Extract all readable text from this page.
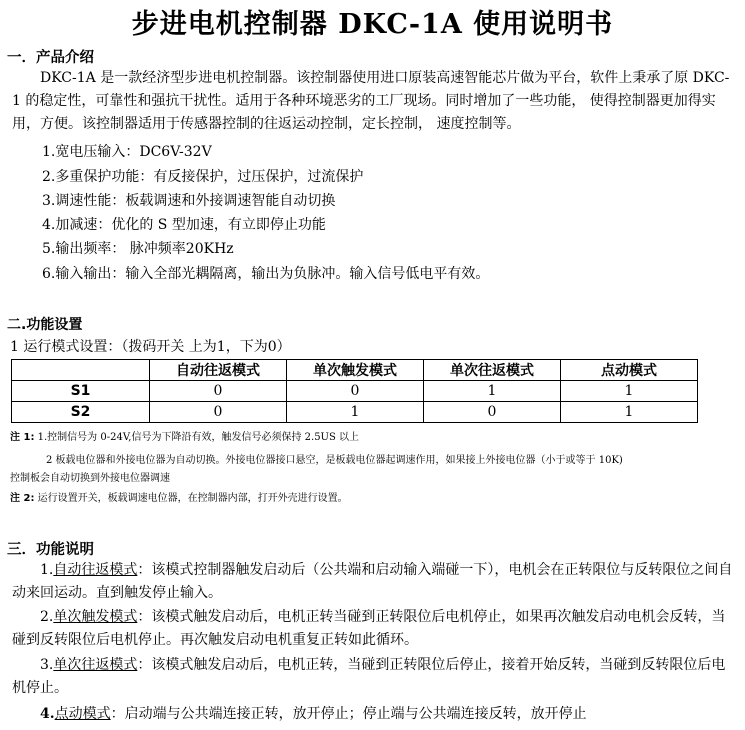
步进电机控制器 DKC-1A 使用说明书
一．产品介绍
DKC-1A 是一款经济型步进电机控制器。该控制器使用进口原装高速智能芯片做为平台，软件上秉承了原 DKC-1 的稳定性，可靠性和强抗干扰性。适用于各种环境恶劣的工厂现场。同时增加了一些功能， 使得控制器更加得实用，方便。该控制器适用于传感器控制的往返运动控制，定长控制， 速度控制等。
1.宽电压输入：DC6V-32V
2.多重保护功能：有反接保护，过压保护，过流保护
3.调速性能：板载调速和外接调速智能自动切换
4.加减速：优化的 S 型加速，有立即停止功能
5.输出频率： 脉冲频率20KHz
6.输入输出：输入全部光耦隔离，输出为负脉冲。输入信号低电平有效。
二.功能设置
1 运行模式设置：（拨码开关 上为1，下为0）
	自动往返模式	单次触发模式	单次往返模式	点动模式
S1	0	0	1	1
S2	0	1	0	1
注 1: 1.控制信号为 0-24V,信号为下降沿有效，触发信号必须保持 2.5US 以上
2 板载电位器和外接电位器为自动切换。外接电位器接口悬空，是板载电位器起调速作用，如果接上外接电位器（小于或等于 10K)
控制板会自动切换到外接电位器调速
注 2: 运行设置开关，板载调速电位器，在控制器内部，打开外壳进行设置。
三．功能说明
1.自动往返模式：该模式控制器触发启动后（公共端和启动输入端碰一下），电机会在正转限位与反转限位之间自动来回运动。直到触发停止输入。
2.单次触发模式：该模式触发启动后，电机正转当碰到正转限位后电机停止，如果再次触发启动电机会反转，当碰到反转限位后电机停止。再次触发启动电机重复正转如此循环。
3.单次往返模式：该模式触发启动后，电机正转，当碰到正转限位后停止，接着开始反转，当碰到反转限位后电机停止。
4.点动模式：启动端与公共端连接正转，放开停止；停止端与公共端连接反转，放开停止
